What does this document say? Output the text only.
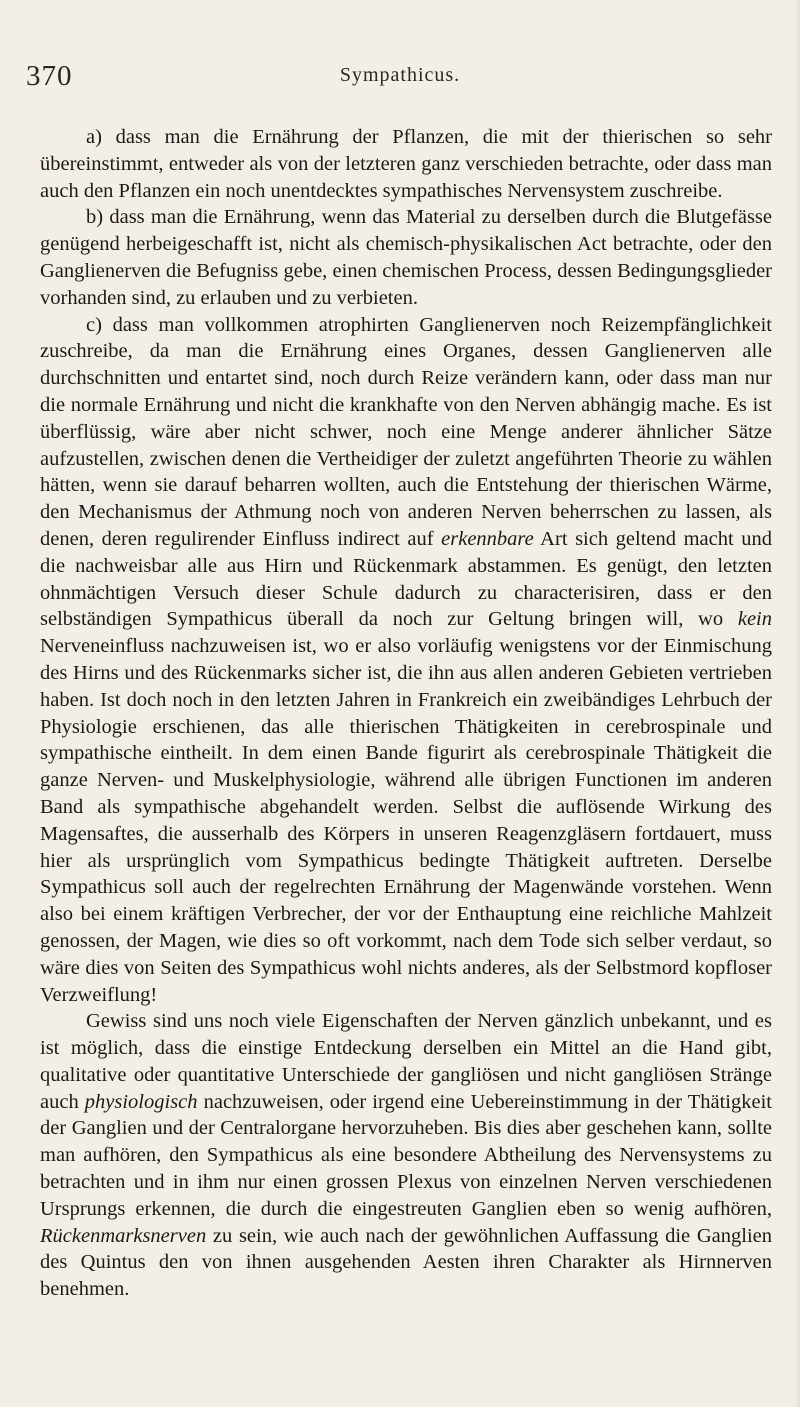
370	Sympathicus.

a) dass man die Ernährung der Pflanzen, die mit der thierischen so sehr übereinstimmt, entweder als von der letzteren ganz verschieden betrachte, oder dass man auch den Pflanzen ein noch unentdecktes sympathisches Nervensystem zuschreibe.

b) dass man die Ernährung, wenn das Material zu derselben durch die Blutgefässe genügend herbeigeschafft ist, nicht als chemisch-physikalischen Act betrachte, oder den Ganglienerven die Befugniss gebe, einen chemischen Process, dessen Bedingungsglieder vorhanden sind, zu erlauben und zu verbieten.

c) dass man vollkommen atrophirten Ganglienerven noch Reizempfänglichkeit zuschreibe, da man die Ernährung eines Organes, dessen Ganglienerven alle durchschnitten und entartet sind, noch durch Reize verändern kann, oder dass man nur die normale Ernährung und nicht die krankhafte von den Nerven abhängig mache. Es ist überflüssig, wäre aber nicht schwer, noch eine Menge anderer ähnlicher Sätze aufzustellen, zwischen denen die Vertheidiger der zuletzt angeführten Theorie zu wählen hätten, wenn sie darauf beharren wollten, auch die Entstehung der thierischen Wärme, den Mechanismus der Athmung noch von anderen Nerven beherrschen zu lassen, als denen, deren regulirender Einfluss indirect auf erkennbare Art sich geltend macht und die nachweisbar alle aus Hirn und Rückenmark abstammen. Es genügt, den letzten ohnmächtigen Versuch dieser Schule dadurch zu characterisiren, dass er den selbständigen Sympathicus überall da noch zur Geltung bringen will, wo kein Nerveneinfluss nachzuweisen ist, wo er also vorläufig wenigstens vor der Einmischung des Hirns und des Rückenmarks sicher ist, die ihn aus allen anderen Gebieten vertrieben haben. Ist doch noch in den letzten Jahren in Frankreich ein zweibändiges Lehrbuch der Physiologie erschienen, das alle thierischen Thätigkeiten in cerebrospinale und sympathische eintheilt. In dem einen Bande figurirt als cerebrospinale Thätigkeit die ganze Nerven- und Muskelphysiologie, während alle übrigen Functionen im anderen Band als sympathische abgehandelt werden. Selbst die auflösende Wirkung des Magensaftes, die ausserhalb des Körpers in unseren Reagenzgläsern fortdauert, muss hier als ursprünglich vom Sympathicus bedingte Thätigkeit auftreten. Derselbe Sympathicus soll auch der regelrechten Ernährung der Magenwände vorstehen. Wenn also bei einem kräftigen Verbrecher, der vor der Enthauptung eine reichliche Mahlzeit genossen, der Magen, wie dies so oft vorkommt, nach dem Tode sich selber verdaut, so wäre dies von Seiten des Sympathicus wohl nichts anderes, als der Selbstmord kopfloser Verzweiflung!

Gewiss sind uns noch viele Eigenschaften der Nerven gänzlich unbekannt, und es ist möglich, dass die einstige Entdeckung derselben ein Mittel an die Hand gibt, qualitative oder quantitative Unterschiede der gangliösen und nicht gangliösen Stränge auch physiologisch nachzuweisen, oder irgend eine Uebereinstimmung in der Thätigkeit der Ganglien und der Centralorgane hervorzuheben. Bis dies aber geschehen kann, sollte man aufhören, den Sympathicus als eine besondere Abtheilung des Nervensystems zu betrachten und in ihm nur einen grossen Plexus von einzelnen Nerven verschiedenen Ursprungs erkennen, die durch die eingestreuten Ganglien eben so wenig aufhören, Rückenmarksnerven zu sein, wie auch nach der gewöhnlichen Auffassung die Ganglien des Quintus den von ihnen ausgehenden Aesten ihren Charakter als Hirnnerven benehmen.
